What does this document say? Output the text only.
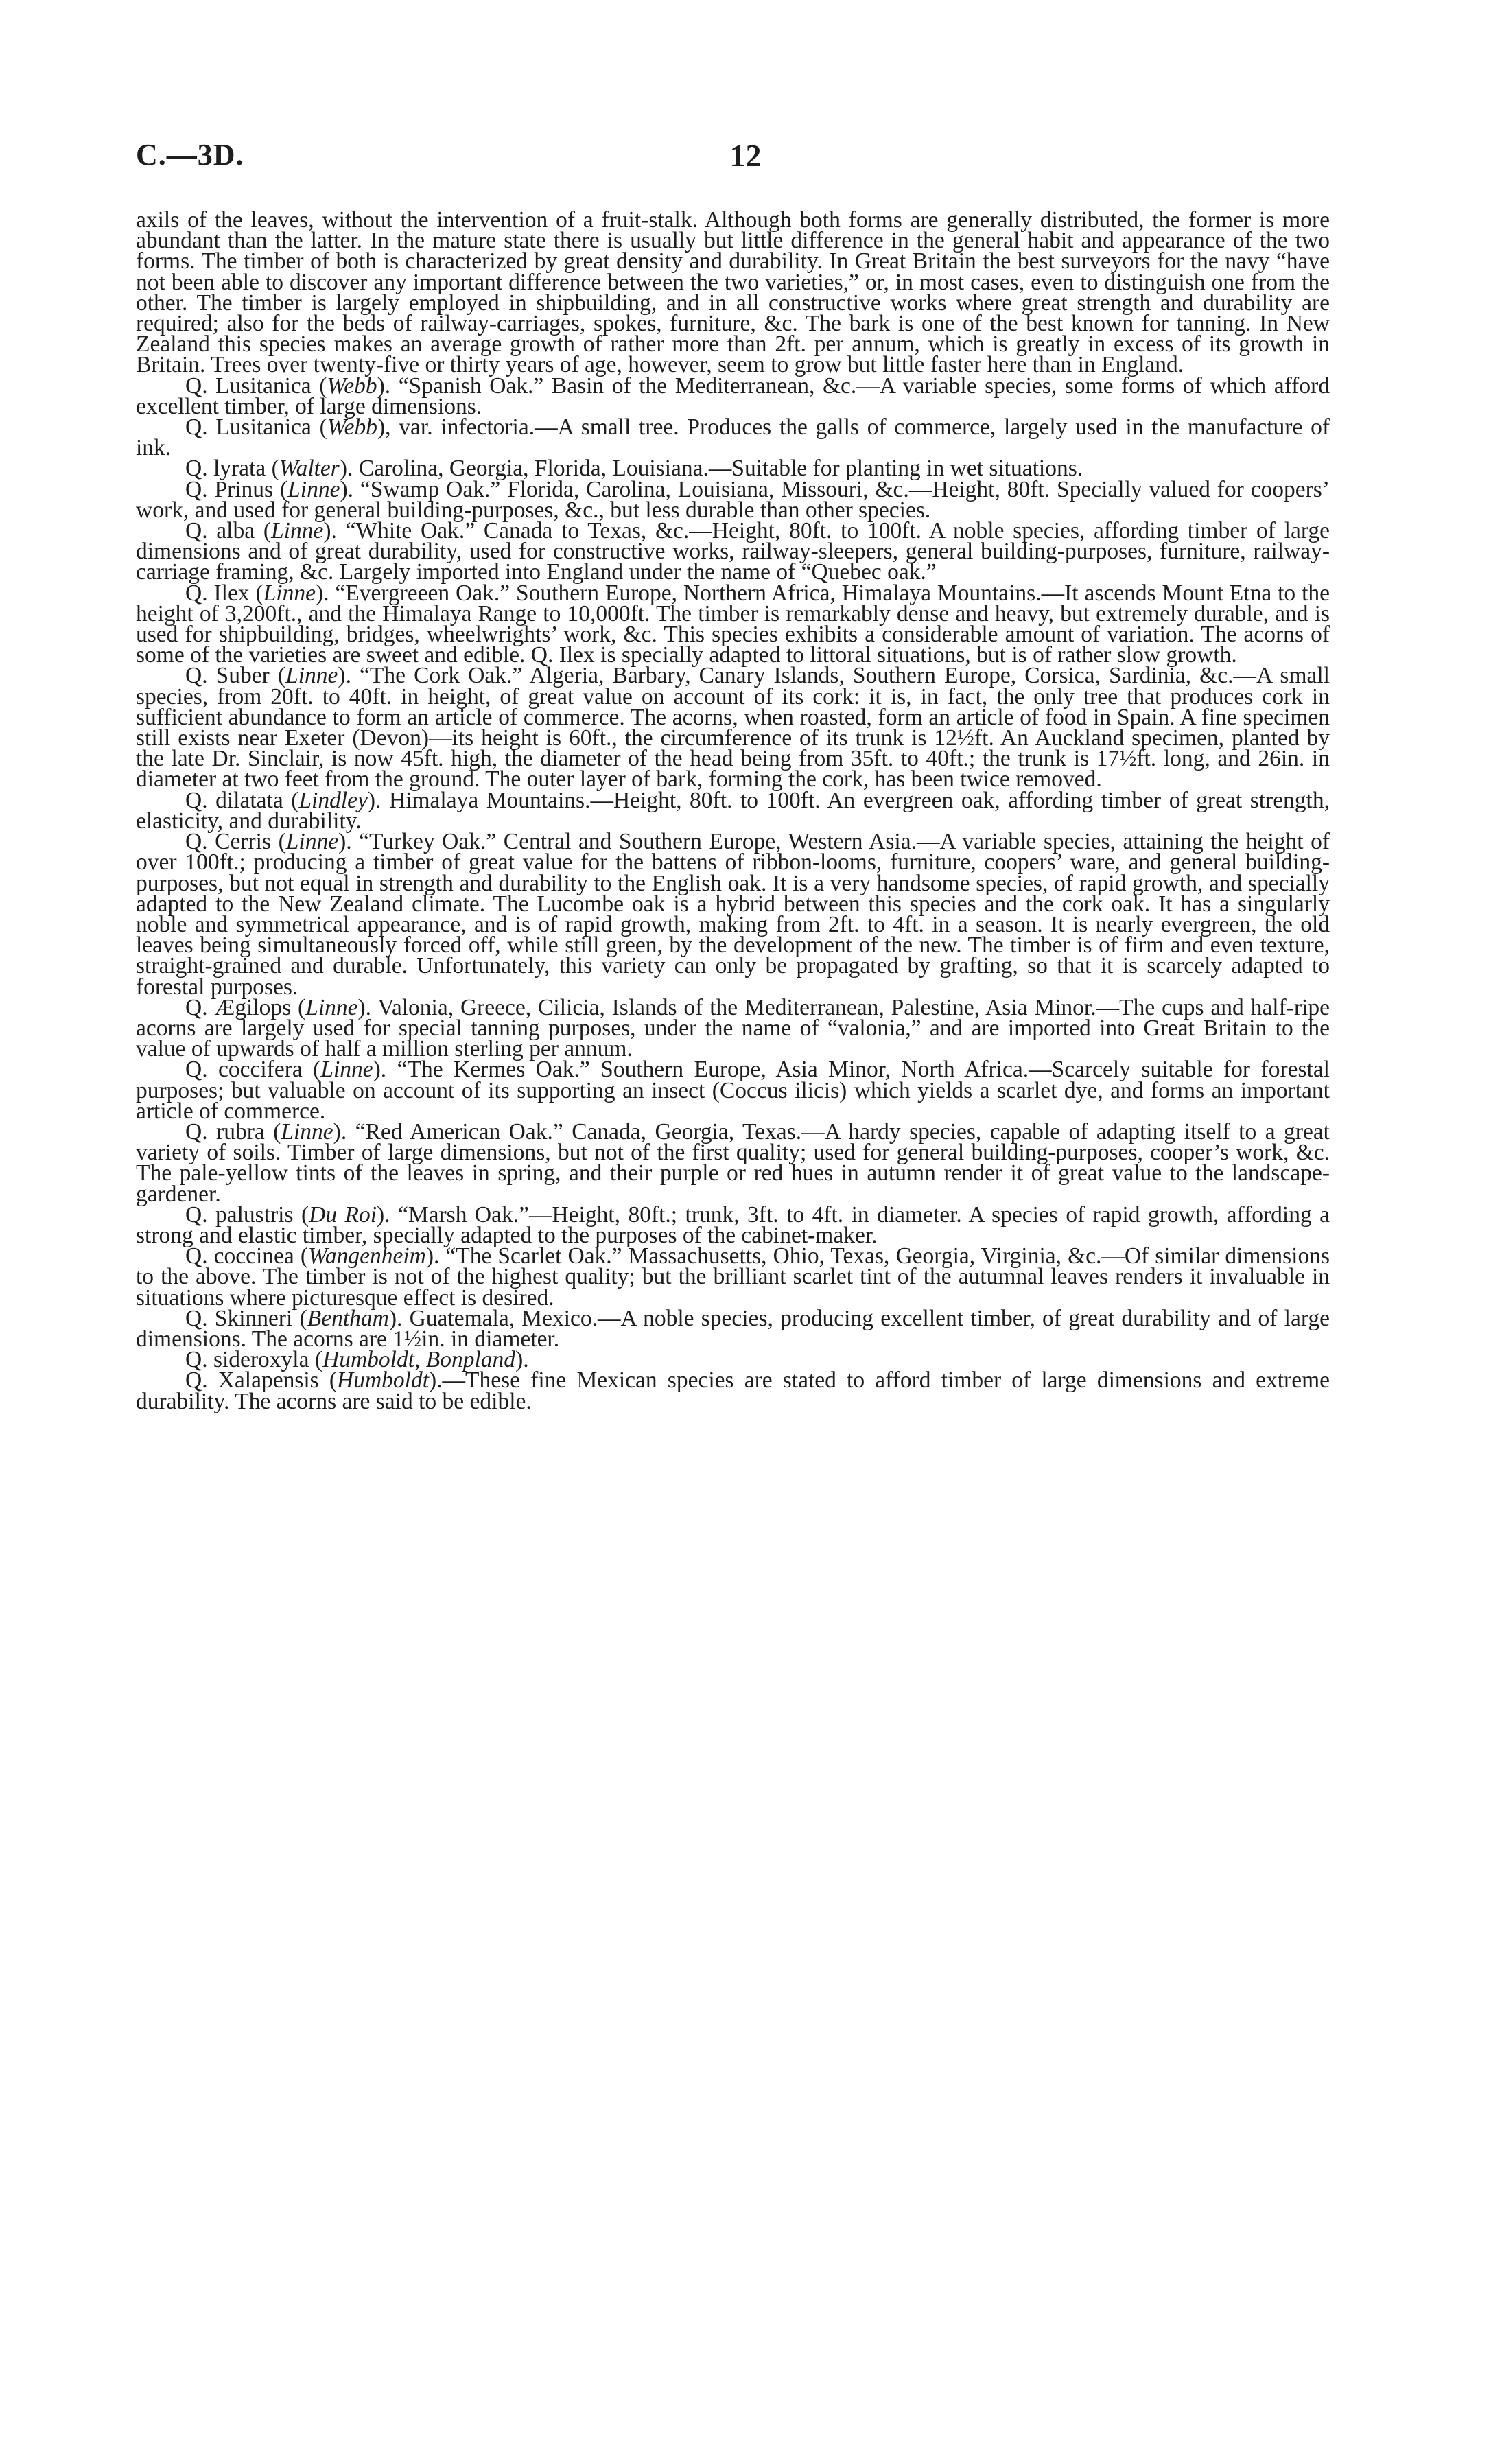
C.—3D.	12

axils of the leaves, without the intervention of a fruit-stalk. Although both forms are generally distributed, the former is more abundant than the latter. In the mature state there is usually but little difference in the general habit and appearance of the two forms. The timber of both is characterized by great density and durability. In Great Britain the best surveyors for the navy “have not been able to discover any important difference between the two varieties,” or, in most cases, even to distinguish one from the other. The timber is largely employed in shipbuilding, and in all constructive works where great strength and durability are required; also for the beds of railway-carriages, spokes, furniture, &c. The bark is one of the best known for tanning. In New Zealand this species makes an average growth of rather more than 2ft. per annum, which is greatly in excess of its growth in Britain. Trees over twenty-five or thirty years of age, however, seem to grow but little faster here than in England.

Q. Lusitanica (Webb). “Spanish Oak.” Basin of the Mediterranean, &c.—A variable species, some forms of which afford excellent timber, of large dimensions.

Q. Lusitanica (Webb), var. infectoria.—A small tree. Produces the galls of commerce, largely used in the manufacture of ink.

Q. lyrata (Walter). Carolina, Georgia, Florida, Louisiana.—Suitable for planting in wet situations.

Q. Prinus (Linne). “Swamp Oak.” Florida, Carolina, Louisiana, Missouri, &c.—Height, 80ft. Specially valued for coopers’ work, and used for general building-purposes, &c., but less durable than other species.

Q. alba (Linne). “White Oak.” Canada to Texas, &c.—Height, 80ft. to 100ft. A noble species, affording timber of large dimensions and of great durability, used for constructive works, railway-sleepers, general building-purposes, furniture, railway-carriage framing, &c. Largely imported into England under the name of “Quebec oak.”

Q. Ilex (Linne). “Evergreeen Oak.” Southern Europe, Northern Africa, Himalaya Mountains.—It ascends Mount Etna to the height of 3,200ft., and the Himalaya Range to 10,000ft. The timber is remarkably dense and heavy, but extremely durable, and is used for shipbuilding, bridges, wheelwrights’ work, &c. This species exhibits a considerable amount of variation. The acorns of some of the varieties are sweet and edible. Q. Ilex is specially adapted to littoral situations, but is of rather slow growth.

Q. Suber (Linne). “The Cork Oak.” Algeria, Barbary, Canary Islands, Southern Europe, Corsica, Sardinia, &c.—A small species, from 20ft. to 40ft. in height, of great value on account of its cork: it is, in fact, the only tree that produces cork in sufficient abundance to form an article of commerce. The acorns, when roasted, form an article of food in Spain. A fine specimen still exists near Exeter (Devon)—its height is 60ft., the circumference of its trunk is 12½ft. An Auckland specimen, planted by the late Dr. Sinclair, is now 45ft. high, the diameter of the head being from 35ft. to 40ft.; the trunk is 17½ft. long, and 26in. in diameter at two feet from the ground. The outer layer of bark, forming the cork, has been twice removed.

Q. dilatata (Lindley). Himalaya Mountains.—Height, 80ft. to 100ft. An evergreen oak, affording timber of great strength, elasticity, and durability.

Q. Cerris (Linne). “Turkey Oak.” Central and Southern Europe, Western Asia.—A variable species, attaining the height of over 100ft.; producing a timber of great value for the battens of ribbon-looms, furniture, coopers’ ware, and general building-purposes, but not equal in strength and durability to the English oak. It is a very handsome species, of rapid growth, and specially adapted to the New Zealand climate. The Lucombe oak is a hybrid between this species and the cork oak. It has a singularly noble and symmetrical appearance, and is of rapid growth, making from 2ft. to 4ft. in a season. It is nearly evergreen, the old leaves being simultaneously forced off, while still green, by the development of the new. The timber is of firm and even texture, straight-grained and durable. Unfortunately, this variety can only be propagated by grafting, so that it is scarcely adapted to forestal purposes.

Q. Ægilops (Linne). Valonia, Greece, Cilicia, Islands of the Mediterranean, Palestine, Asia Minor.—The cups and half-ripe acorns are largely used for special tanning purposes, under the name of “valonia,” and are imported into Great Britain to the value of upwards of half a million sterling per annum.

Q. coccifera (Linne). “The Kermes Oak.” Southern Europe, Asia Minor, North Africa.—Scarcely suitable for forestal purposes; but valuable on account of its supporting an insect (Coccus ilicis) which yields a scarlet dye, and forms an important article of commerce.

Q. rubra (Linne). “Red American Oak.” Canada, Georgia, Texas.—A hardy species, capable of adapting itself to a great variety of soils. Timber of large dimensions, but not of the first quality; used for general building-purposes, cooper’s work, &c. The pale-yellow tints of the leaves in spring, and their purple or red hues in autumn render it of great value to the landscape-gardener.

Q. palustris (Du Roi). “Marsh Oak.”—Height, 80ft.; trunk, 3ft. to 4ft. in diameter. A species of rapid growth, affording a strong and elastic timber, specially adapted to the purposes of the cabinet-maker.

Q. coccinea (Wangenheim). “The Scarlet Oak.” Massachusetts, Ohio, Texas, Georgia, Virginia, &c.—Of similar dimensions to the above. The timber is not of the highest quality; but the brilliant scarlet tint of the autumnal leaves renders it invaluable in situations where picturesque effect is desired.

Q. Skinneri (Bentham). Guatemala, Mexico.—A noble species, producing excellent timber, of great durability and of large dimensions. The acorns are 1½in. in diameter.

Q. sideroxyla (Humboldt, Bonpland).

Q. Xalapensis (Humboldt).—These fine Mexican species are stated to afford timber of large dimensions and extreme durability. The acorns are said to be edible.
